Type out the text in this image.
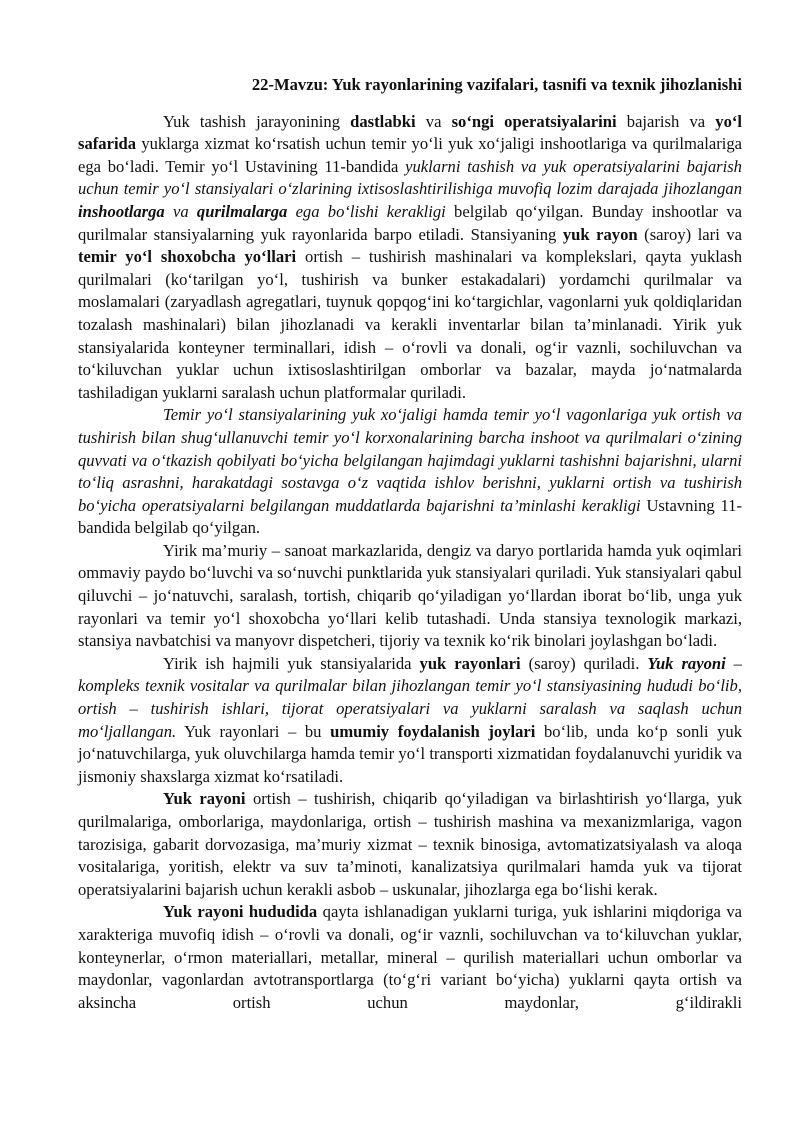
22-Mavzu: Yuk rayonlarining vazifalari, tasnifi va texnik jihozlanishi

Yuk tashish jarayonining dastlabki va so‘ngi operatsiyalarini bajarish va yo‘l safarida yuklarga xizmat ko‘rsatish uchun temir yo‘li yuk xo‘jaligi inshootlariga va qurilmalariga ega bo‘ladi. Temir yo‘l Ustavining 11-bandida yuklarni tashish va yuk operatsiyalarini bajarish uchun temir yo‘l stansiyalari o‘zlarining ixtisoslashtirilishiga muvofiq lozim darajada jihozlangan inshootlarga va qurilmalarga ega bo‘lishi kerakligi belgilab qo‘yilgan. Bunday inshootlar va qurilmalar stansiyalarning yuk rayonlarida barpo etiladi. Stansiyaning yuk rayon (saroy) lari va temir yo‘l shoxobcha yo‘llari ortish – tushirish mashinalari va komplekslari, qayta yuklash qurilmalari (ko‘tarilgan yo‘l, tushirish va bunker estakadalari) yordamchi qurilmalar va moslamalari (zaryadlash agregatlari, tuynuk qopqog‘ini ko‘targichlar, vagonlarni yuk qoldiqlaridan tozalash mashinalari) bilan jihozlanadi va kerakli inventarlar bilan ta’minlanadi. Yirik yuk stansiyalarida konteyner terminallari, idish – o‘rovli va donali, og‘ir vaznli, sochiluvchan va to‘kiluvchan yuklar uchun ixtisoslashtirilgan omborlar va bazalar, mayda jo‘natmalarda tashiladigan yuklarni saralash uchun platformalar quriladi.

Temir yo‘l stansiyalarining yuk xo‘jaligi hamda temir yo‘l vagonlariga yuk ortish va tushirish bilan shug‘ullanuvchi temir yo‘l korxonalarining barcha inshoot va qurilmalari o‘zining quvvati va o‘tkazish qobilyati bo‘yicha belgilangan hajimdagi yuklarni tashishni bajarishni, ularni to‘liq asrashni, harakatdagi sostavga o‘z vaqtida ishlov berishni, yuklarni ortish va tushirish bo‘yicha operatsiyalarni belgilangan muddatlarda bajarishni ta’minlashi kerakligi Ustavning 11-bandida belgilab qo‘yilgan.

Yirik ma’muriy – sanoat markazlarida, dengiz va daryo portlarida hamda yuk oqimlari ommaviy paydo bo‘luvchi va so‘nuvchi punktlarida yuk stansiyalari quriladi. Yuk stansiyalari qabul qiluvchi – jo‘natuvchi, saralash, tortish, chiqarib qo‘yiladigan yo‘llardan iborat bo‘lib, unga yuk rayonlari va temir yo‘l shoxobcha yo‘llari kelib tutashadi. Unda stansiya texnologik markazi, stansiya navbatchisi va manyovr dispetcheri, tijoriy va texnik ko‘rik binolari joylashgan bo‘ladi.

Yirik ish hajmili yuk stansiyalarida yuk rayonlari (saroy) quriladi. Yuk rayoni – kompleks texnik vositalar va qurilmalar bilan jihozlangan temir yo‘l stansiyasining hududi bo‘lib, ortish – tushirish ishlari, tijorat operatsiyalari va yuklarni saralash va saqlash uchun mo‘ljallangan. Yuk rayonlari – bu umumiy foydalanish joylari bo‘lib, unda ko‘p sonli yuk jo‘natuvchilarga, yuk oluvchilarga hamda temir yo‘l transporti xizmatidan foydalanuvchi yuridik va jismoniy shaxslarga xizmat ko‘rsatiladi.

Yuk rayoni ortish – tushirish, chiqarib qo‘yiladigan va birlashtirish yo‘llarga, yuk qurilmalariga, omborlariga, maydonlariga, ortish – tushirish mashina va mexanizmlariga, vagon tarozisiga, gabarit dorvozasiga, ma’muriy xizmat – texnik binosiga, avtomatizatsiyalash va aloqa vositalariga, yoritish, elektr va suv ta’minoti, kanalizatsiya qurilmalari hamda yuk va tijorat operatsiyalarini bajarish uchun kerakli asbob – uskunalar, jihozlarga ega bo‘lishi kerak.

Yuk rayoni hududida qayta ishlanadigan yuklarni turiga, yuk ishlarini miqdoriga va xarakteriga muvofiq idish – o‘rovli va donali, og‘ir vaznli, sochiluvchan va to‘kiluvchan yuklar, konteynerlar, o‘rmon materiallari, metallar, mineral – qurilish materiallari uchun omborlar va maydonlar, vagonlardan avtotransportlarga (to‘g‘ri variant bo‘yicha) yuklarni qayta ortish va aksincha ortish uchun maydonlar, g‘ildirakli
